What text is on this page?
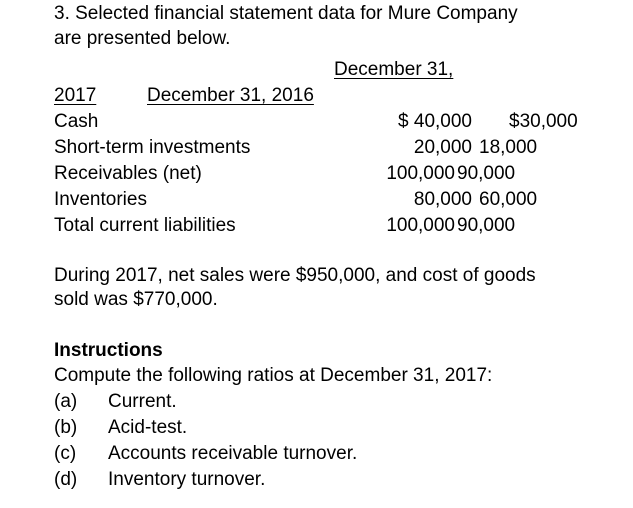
3. Selected financial statement data for Mure Company
are presented below.
December 31,
2017	December 31, 2016
Cash
Short-term investments
Receivables (net)
Inventories
Total current liabilities
$ 40,000
20,000
100,000
80,000
100,000
$30,000
18,000
90,000
60,000
90,000
During 2017, net sales were $950,000, and cost of goods
sold was $770,000.
Instructions
Compute the following ratios at December 31, 2017:
(a) Current.
(b) Acid-test.
(c) Accounts receivable turnover.
(d) Inventory turnover.
